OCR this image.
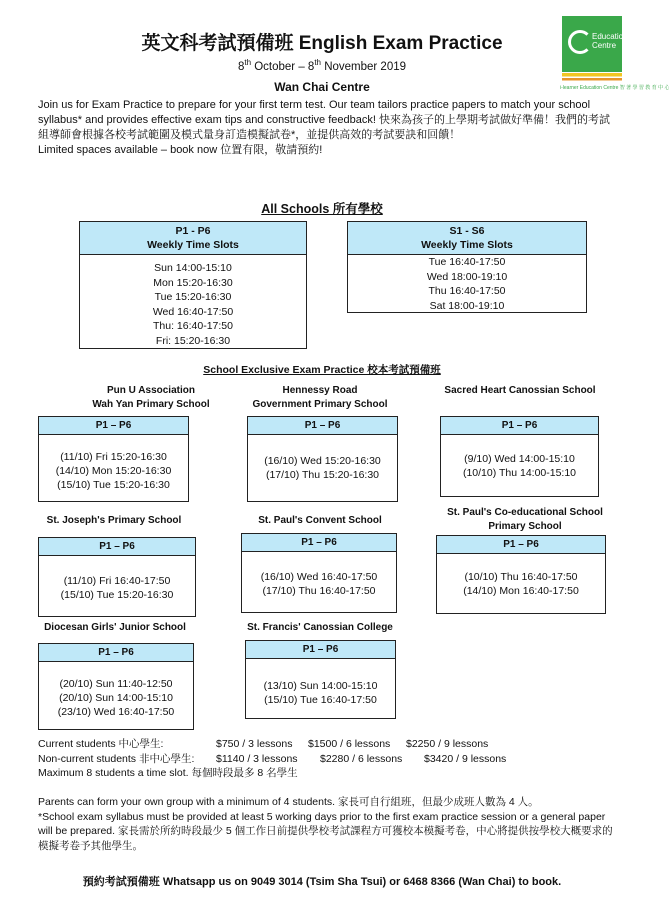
英文科考試預備班 English Exam Practice
8th October – 8th November 2019
Wan Chai Centre
Education Centre
i-learner Education Centre 智 著 學 習 教 育 中 心
Join us for Exam Practice to prepare for your first term test. Our team tailors practice papers to match your school syllabus* and provides effective exam tips and constructive feedback! 快來為孩子的上學期考試做好準備！我們的考試組導師會根據各校考試範圍及模式量身訂造模擬試卷*，並提供高效的考試要訣和回饋！
Limited spaces available – book now 位置有限，敬請預約!
All Schools 所有學校
P1 - P6
Weekly Time Slots
Sun 14:00-15:10
Mon 15:20-16:30
Tue 15:20-16:30
Wed 16:40-17:50
Thu: 16:40-17:50
Fri: 15:20-16:30
S1 - S6
Weekly Time Slots
Tue 16:40-17:50
Wed 18:00-19:10
Thu 16:40-17:50
Sat 18:00-19:10
School Exclusive Exam Practice 校本考試預備班
Pun U Association
Wah Yan Primary School
P1 – P6
(11/10) Fri 15:20-16:30
(14/10) Mon 15:20-16:30
(15/10) Tue 15:20-16:30
Hennessy Road
Government Primary School
P1 – P6
(16/10) Wed 15:20-16:30
(17/10) Thu 15:20-16:30
Sacred Heart Canossian School
P1 – P6
(9/10) Wed 14:00-15:10
(10/10) Thu 14:00-15:10
St. Joseph's Primary School
P1 – P6
(11/10) Fri 16:40-17:50
(15/10) Tue 15:20-16:30
St. Paul's Convent School
P1 – P6
(16/10) Wed 16:40-17:50
(17/10) Thu 16:40-17:50
St. Paul's Co-educational School
Primary School
P1 – P6
(10/10) Thu 16:40-17:50
(14/10) Mon 16:40-17:50
Diocesan Girls' Junior School
P1 – P6
(20/10) Sun 11:40-12:50
(20/10) Sun 14:00-15:10
(23/10) Wed 16:40-17:50
St. Francis' Canossian College
P1 – P6
(13/10) Sun 14:00-15:10
(15/10) Tue 16:40-17:50
Current students 中心學生:	$750 / 3 lessons $1500 / 6 lessons $2250 / 9 lessons
Non-current students 非中心學生: $1140 / 3 lessons $2280 / 6 lessons $3420 / 9 lessons
Maximum 8 students a time slot. 每個時段最多 8 名學生
Parents can form your own group with a minimum of 4 students. 家長可自行組班，但最少成班人數為 4 人。
*School exam syllabus must be provided at least 5 working days prior to the first exam practice session or a general paper will be prepared. 家長需於所約時段最少 5 個工作日前提供學校考試課程方可獲校本模擬考卷，中心將提供按學校大概要求的模擬考卷予其他學生。
預約考試預備班 Whatsapp us on 9049 3014 (Tsim Sha Tsui) or 6468 8366 (Wan Chai) to book.
